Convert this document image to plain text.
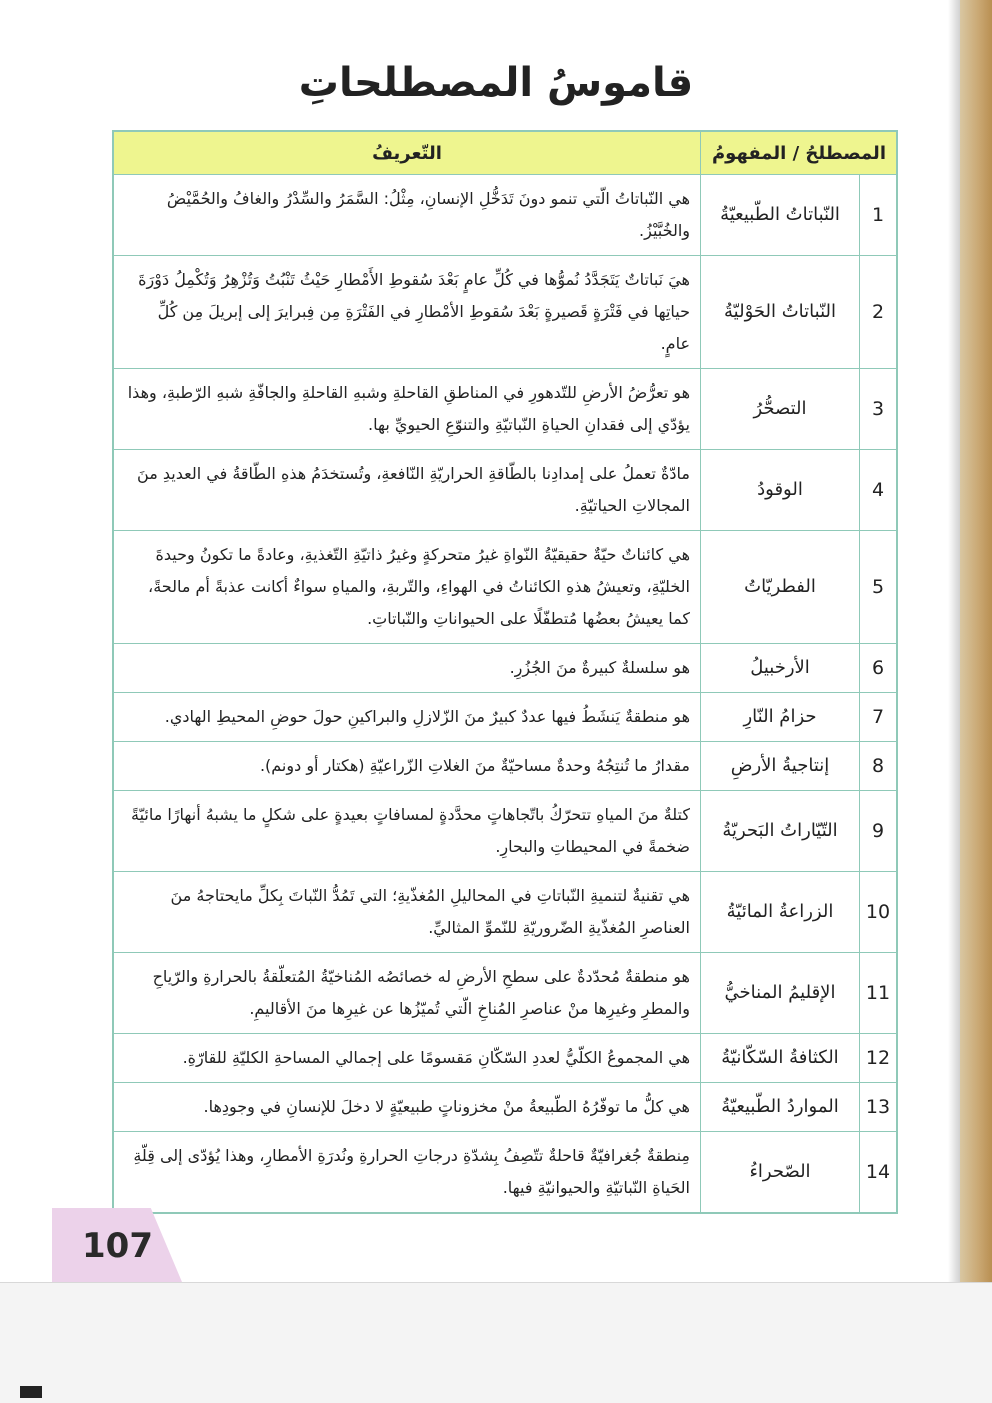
قاموسُ المصطلحاتِ
المصطلحُ / المفهومُ		التّعريفُ
1	النّباتاتُ الطّبيعيّةُ	هي النّباتاتُ الّتي تنمو دونَ تَدَخُّلِ الإنسانِ، مِثْلُ: السَّمَرُ والسِّدْرُ والغافُ والحُمَّيْضُ والخُبَّيْزُ.
2	النّباتاتُ الحَوْليّةُ	هيَ نَباتاتٌ يَتَجَدَّدُ نُموُّها في كُلِّ عامٍ بَعْدَ سُقوطِ الأَمْطارِ حَيْثُ تَنْبُتُ وَتُزْهِرُ وَتُكْمِلُ دَوْرَةَ حياتِها في فَتْرَةٍ قَصيرةٍ بَعْدَ سُقوطِ الأمْطارِ في الفَتْرَةِ مِن فِبرايرَ إلى إبريلَ مِن كُلِّ عامٍ.
3	التصحُّرُ	هو تعرُّضُ الأرضِ للتّدهورِ في المناطقِ القاحلةِ وشبهِ القاحلةِ والجافّةِ شبهِ الرّطبةِ، وهذا يؤدّي إلى فقدانِ الحياةِ النّباتيّةِ والتنوّعِ الحيويِّ بها.
4	الوقودُ	مادّةٌ تعملُ على إمدادِنا بالطّاقةِ الحراريّةِ النّافعةِ، وتُستخدَمُ هذهِ الطّاقةُ في العديدِ منَ المجالاتِ الحياتيّةِ.
5	الفطريّاتُ	هي كائناتٌ حيّةٌ حقيقيّةُ النّواةِ غيرُ متحركةٍ وغيرُ ذاتيّةِ التّغذيةِ، وعادةً ما تكونُ وحيدةَ الخليّةِ، وتعيشُ هذهِ الكائناتُ في الهواءِ، والتّربةِ، والمياهِ سواءٌ أكانت عذبةً أم مالحةً، كما يعيشُ بعضُها مُتطفّلًا على الحيواناتِ والنّباتاتِ.
6	الأرخبيلُ	هو سلسلةٌ كبيرةٌ منَ الجُزُرِ.
7	حزامُ النّارِ	هو منطقةٌ يَنشَطُ فيها عددٌ كبيرٌ منَ الزّلازلِ والبراكينِ حولَ حوضِ المحيطِ الهادي.
8	إنتاجيةُ الأرضِ	مقدارُ ما تُنتِجُهُ وحدةٌ مساحيّةٌ منَ الغلاتِ الزّراعيّةِ (هكتار أو دونم).
9	التّيّاراتُ البَحريّةُ	كتلةٌ منَ المياهِ تتحرّكُ باتّجاهاتٍ محدَّدةٍ لمسافاتٍ بعيدةٍ على شكلٍ ما يشبهُ أنهارًا مائيّةً ضخمةً في المحيطاتِ والبحارِ.
10	الزراعةُ المائيّةُ	هي تقنيةٌ لتنميةِ النّباتاتِ في المحاليلِ المُغذّيةِ؛ التي تَمُدُّ النّباتَ بِكلِّ مايحتاجهُ منَ العناصرِ المُغذّيةِ الضّروريّةِ للنّموِّ المثاليِّ.
11	الإقليمُ المناخيُّ	هو منطقةٌ مُحدّدةٌ على سطحِ الأرضِ له خصائصُه المُناخيّةُ المُتعلّقةُ بالحرارةِ والرّياحِ والمطرِ وغيرِها منْ عناصرِ المُناخِ الّتي تُميّزُها عن غيرِها منَ الأقاليمِ.
12	الكثافةُ السّكّانيّةُ	هي المجموعُ الكلّيُّ لعددِ السّكّانِ مَقسومًا على إجمالي المساحةِ الكليّةِ للقارّةِ.
13	المواردُ الطّبيعيّةُ	هي كلُّ ما توفّرُهُ الطّبيعةُ منْ مخزوناتٍ طبيعيّةٍ لا دخلَ للإنسانِ في وجودِها.
14	الصّحراءُ	مِنطقةٌ جُغرافيّةٌ قاحلةٌ تتّصِفُ بِشدّةِ درجاتِ الحرارةِ ونُدرَةِ الأمطارِ، وهذا يُؤدّى إلى قِلّةِ الحَياةِ النّباتيّةِ والحيوانيّةِ فيها.
107
